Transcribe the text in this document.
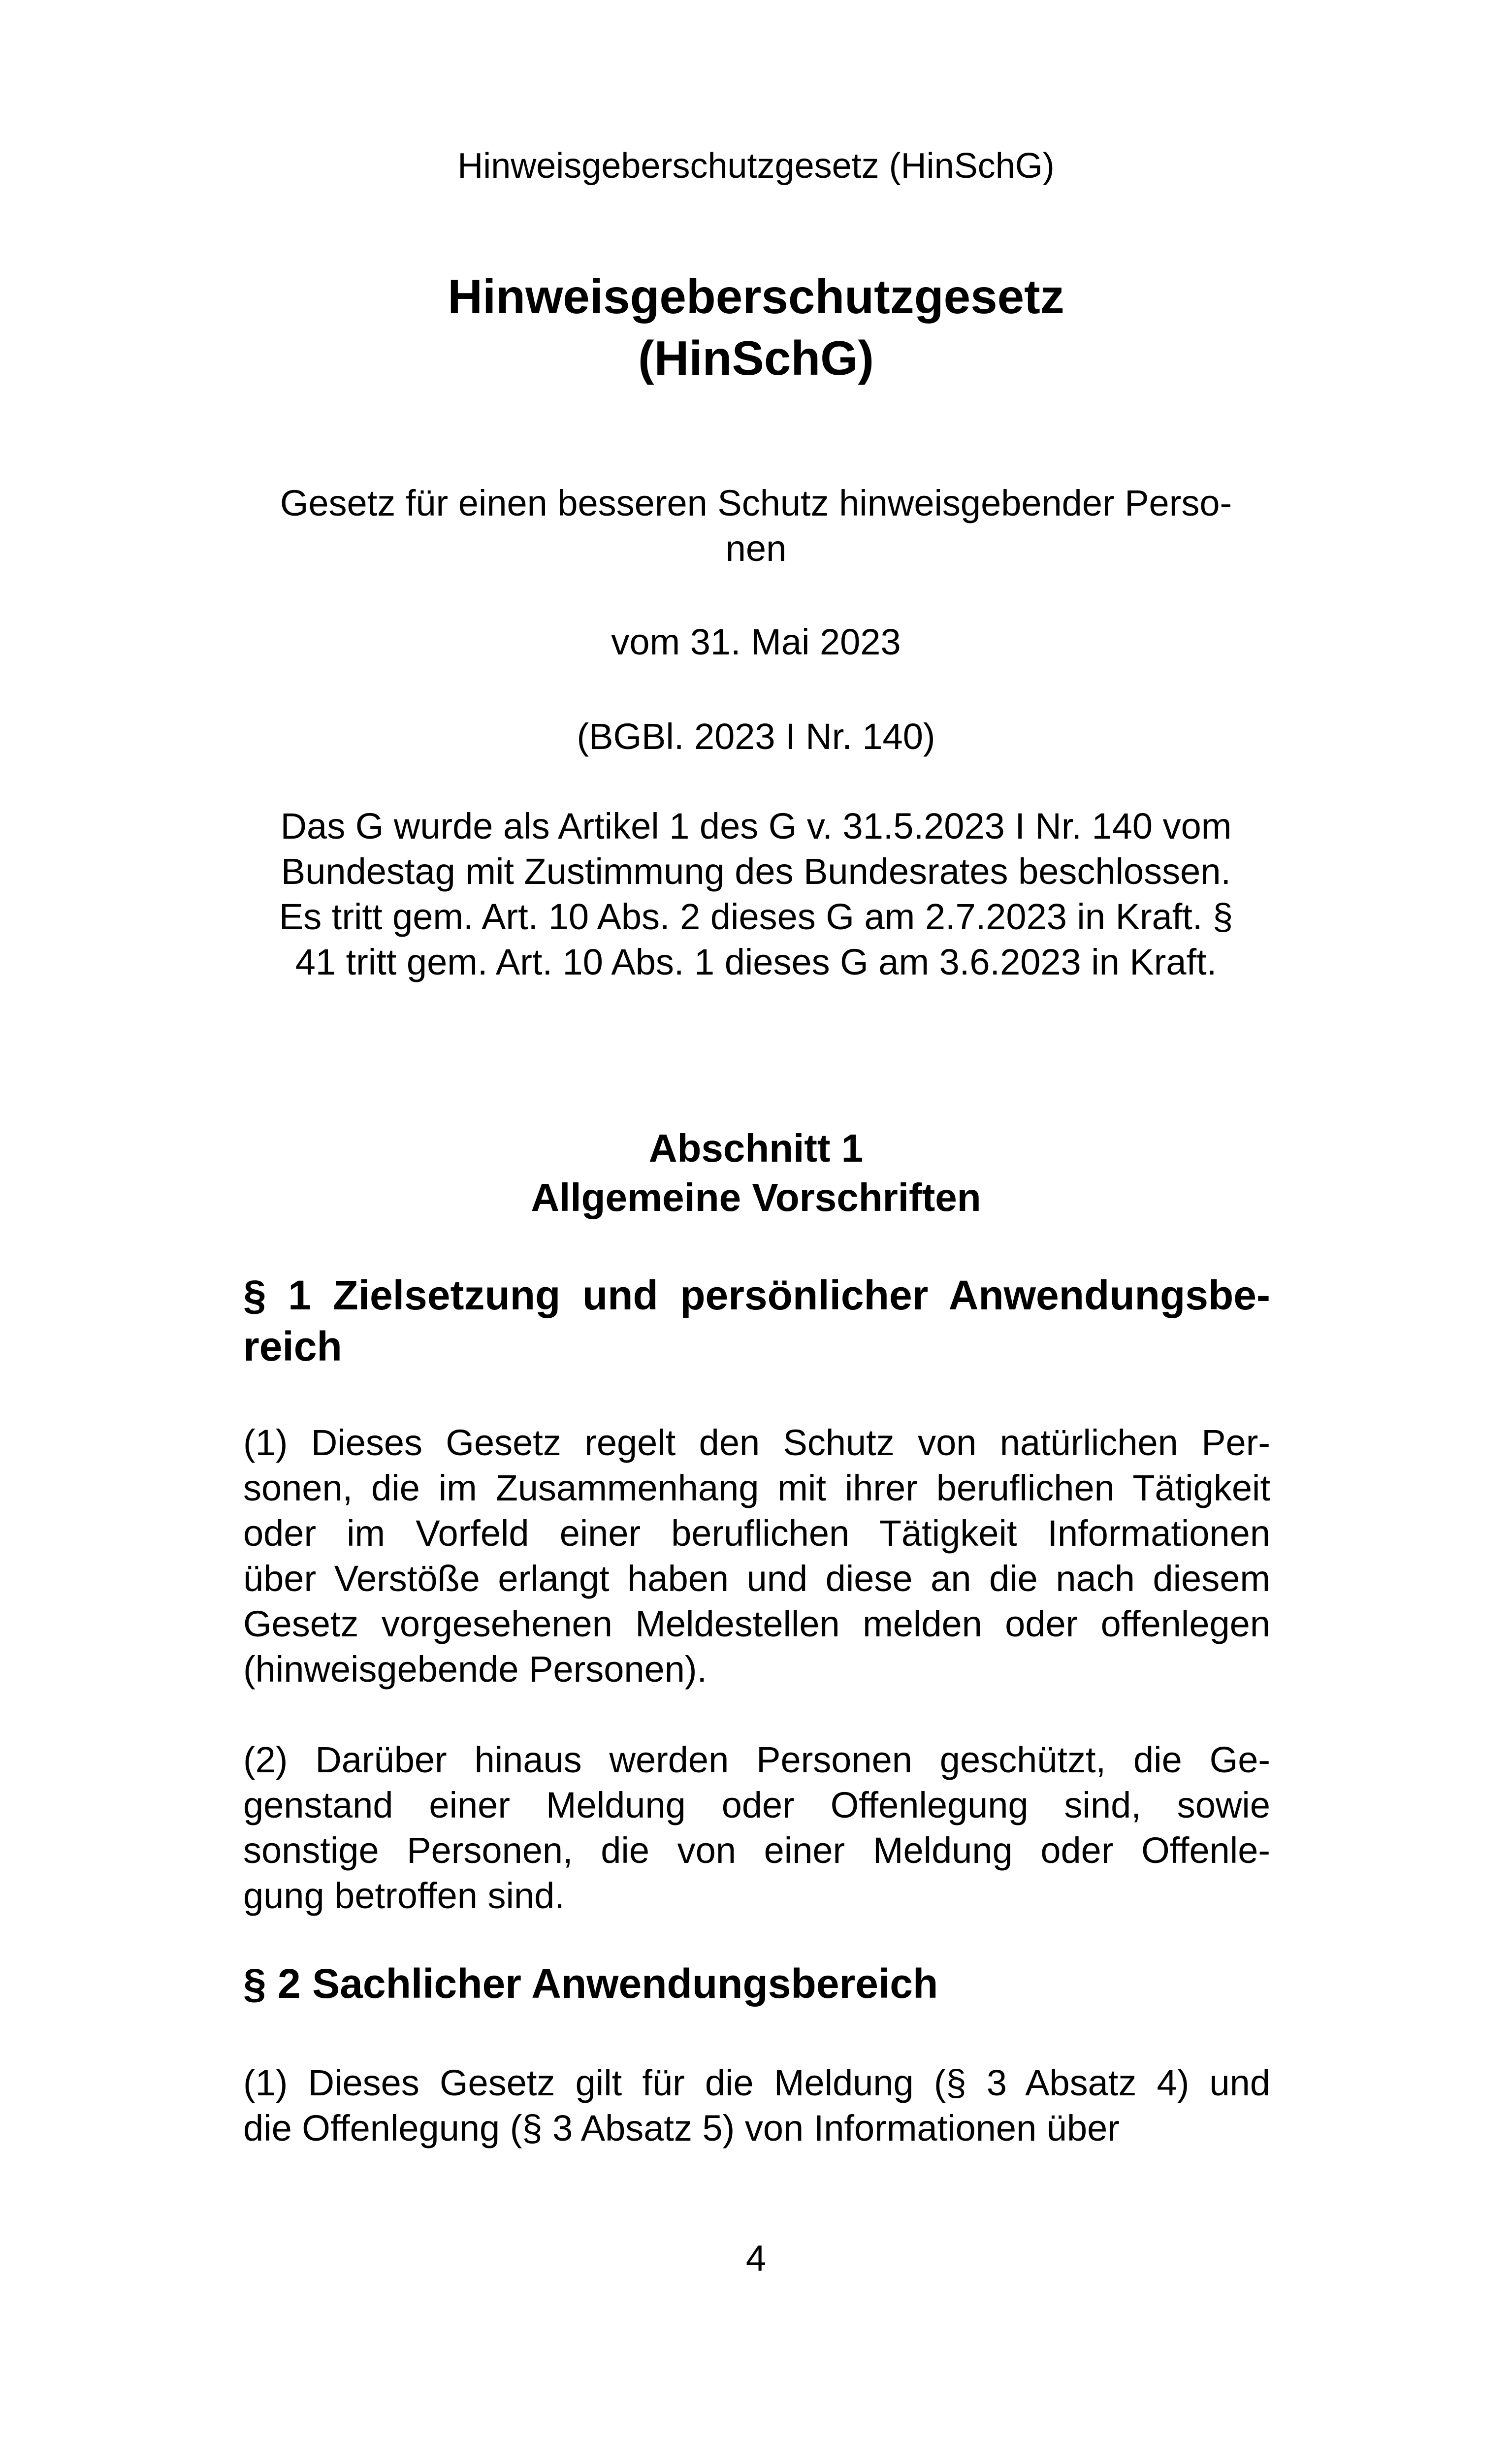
Hinweisgeberschutzgesetz (HinSchG)
Hinweisgeberschutzgesetz
(HinSchG)
Gesetz für einen besseren Schutz hinweisgebender Perso-
nen
vom 31. Mai 2023
(BGBl. 2023 I Nr. 140)
Das G wurde als Artikel 1 des G v. 31.5.2023 I Nr. 140 vom
Bundestag mit Zustimmung des Bundesrates beschlossen.
Es tritt gem. Art. 10 Abs. 2 dieses G am 2.7.2023 in Kraft. §
41 tritt gem. Art. 10 Abs. 1 dieses G am 3.6.2023 in Kraft.
Abschnitt 1
Allgemeine Vorschriften
§ 1 Zielsetzung und persönlicher Anwendungsbe-
reich
(1) Dieses Gesetz regelt den Schutz von natürlichen Per-
sonen, die im Zusammenhang mit ihrer beruflichen Tätigkeit
oder im Vorfeld einer beruflichen Tätigkeit Informationen
über Verstöße erlangt haben und diese an die nach diesem
Gesetz vorgesehenen Meldestellen melden oder offenlegen
(hinweisgebende Personen).
(2) Darüber hinaus werden Personen geschützt, die Ge-
genstand einer Meldung oder Offenlegung sind, sowie
sonstige Personen, die von einer Meldung oder Offenle-
gung betroffen sind.
§ 2 Sachlicher Anwendungsbereich
(1) Dieses Gesetz gilt für die Meldung (§ 3 Absatz 4) und
die Offenlegung (§ 3 Absatz 5) von Informationen über
4
